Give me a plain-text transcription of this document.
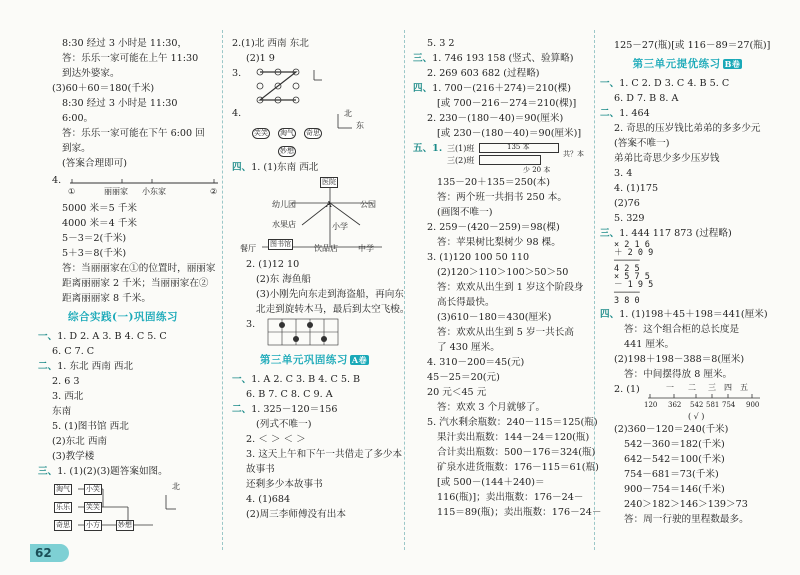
8:30 经过 3 小时是 11:30，
答：乐乐一家可能在上午 11:30
到达外婆家。
(3)60＋60＝180(千米)
8:30 经过 3 小时是 11:30
6:00。
答：乐乐一家可能在下午 6:00 回
到家。
(答案合理即可)
4.
①	丽丽家 小东家	②
5000 米＝5 千米
4000 米＝4 千米
5－3＝2(千米)
5＋3＝8(千米)
答：当丽丽家在①的位置时，丽丽家
距离丽丽家 2 千米；当丽丽家在②
距离丽丽家 8 千米。
综合实践(一)巩固练习
一、1. D 2. A 3. B 4. C 5. C
6. C 7. C
二、1. 东北 西南 西北
2. 6 3
3. 西北
东南
5. (1)图书馆 西北
(2)东北 西南
(3)教学楼
三、1. (1)(2)(3)题答案如图。
淘气 小笑
笑笑
乐乐
奇思 小方	妙想
北
2.(1)北 西南 东北
(2)1 9
3.
4.
笑笑 淘气 奇思
妙想
北
东
四、1. (1)东南 西北
医院
幼儿园	A	公园
水果店	小学
餐厅 图书馆	饮品店	中学
2. (1)12 10
(2)东 海鱼船
(3)小刚先向东走到海盗船，再向东
北走到旋转木马，最后到太空飞梭。
3.
第三单元巩固练习 A卷
一、1. A 2. C 3. B 4. C 5. B
6. B 7. C 8. C 9. A
二、1. 325－120＝156
(列式不唯一)
2. ＜ ＞ ＜ ＞
3. 这天上午和下午一共借走了多少本
故事书
还剩多少本故事书
4. (1)684
(2)周三李师傅没有出本
5. 3 2
三、1. 746 193 158 (竖式、验算略)
2. 269 603 682 (过程略)
四、1. 700－(216＋274)＝210(棵)
[或 700－216－274＝210(棵)]
2. 230－(180－40)＝90(厘米)
[或 230－(180－40)＝90(厘米)]
五、1. 三(1)班
三(2)班
135 本
少 20 本
共？本
135－20＋135＝250(本)
答：两个班一共捐书 250 本。
(画图不唯一)
2. 259－(420－259)＝98(棵)
答：苹果树比梨树少 98 棵。
3. (1)120 100 50 110
(2)120＞110＞100＞50＞50
答：欢欢从出生到 1 岁这个阶段身
高长得最快。
(3)610－180＝430(厘米)
答：欢欢从出生到 5 岁一共长高
了 430 厘米。
4. 310－200＝45(元)
45－25＝20(元)
20 元＜45 元
答：欢欢 3 个月就够了。
5. 汽水剩余瓶数：240－115＝125(瓶)
果汁卖出瓶数：144－24＝120(瓶)
合计卖出瓶数：500－176＝324(瓶)
矿泉水进货瓶数：176－115＝61(瓶)
[或 500－(144＋240)＝
116(瓶)]；卖出瓶数：176－24－
115＝89(瓶)；卖出瓶数：176－24－
125－27(瓶)[或 116－89＝27(瓶)]
第三单元提优练习 B卷
一、1. C 2. D 3. C 4. B 5. C
6. D 7. B 8. A
二、1. 464
2. 奇思的压岁钱比弟弟的多多少元
(答案不唯一)
弟弟比奇思少多少压岁钱
3. 4
4. (1)175
(2)76
5. 329
三、1. 444 117 873 (过程略)
× 2 1 6
＋ 2 0 9
─────
4 2 5
× 5 7 5
－ 1 9 5
─────
3 8 0
四、1. (1)198＋45＋198＝441(厘米)
答：这个组合柜的总长度是
441 厘米。
(2)198＋198－388＝8(厘米)
答：中间摆得放 8 厘米。
2. (1)	一 二 三 四 五
120 362 542 581 754 900
( √ )
(2)360－120＝240(千米)
542－360＝182(千米)
642－542＝100(千米)
754－681＝73(千米)
900－754＝146(千米)
240＞182＞146＞139＞73
答：周一行驶的里程数最多。
62
